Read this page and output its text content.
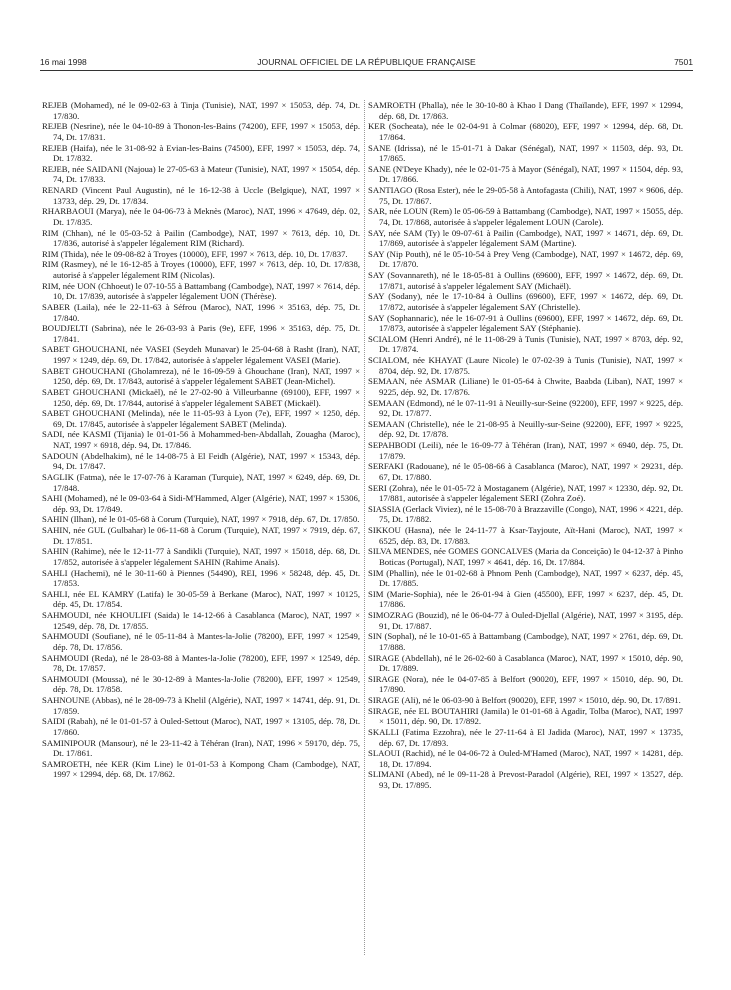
16 mai 1998	JOURNAL OFFICIEL DE LA RÉPUBLIQUE FRANÇAISE	7501

REJEB (Mohamed), né le 09-02-63 à Tinja (Tunisie), NAT, 1997 × 15053, dép. 74, Dt. 17/830.

REJEB (Nesrine), née le 04-10-89 à Thonon-les-Bains (74200), EFF, 1997 × 15053, dép. 74, Dt. 17/831.

REJEB (Haifa), née le 31-08-92 à Evian-les-Bains (74500), EFF, 1997 × 15053, dép. 74, Dt. 17/832.

REJEB, née SAIDANI (Najoua) le 27-05-63 à Mateur (Tunisie), NAT, 1997 × 15054, dép. 74, Dt. 17/833.

RENARD (Vincent Paul Augustin), né le 16-12-38 à Uccle (Belgique), NAT, 1997 × 13733, dép. 29, Dt. 17/834.

RHARBAOUI (Marya), née le 04-06-73 à Meknès (Maroc), NAT, 1996 × 47649, dép. 02, Dt. 17/835.

RIM (Chhan), né le 05-03-52 à Pailin (Cambodge), NAT, 1997 × 7613, dép. 10, Dt. 17/836, autorisé à s'appeler légalement RIM (Richard).

RIM (Thida), née le 09-08-82 à Troyes (10000), EFF, 1997 × 7613, dép. 10, Dt. 17/837.

RIM (Rasmey), né le 16-12-85 à Troyes (10000), EFF, 1997 × 7613, dép. 10, Dt. 17/838, autorisé à s'appeler légalement RIM (Nicolas).

RIM, née UON (Chhoeut) le 07-10-55 à Battambang (Cambodge), NAT, 1997 × 7614, dép. 10, Dt. 17/839, autorisée à s'appeler légalement UON (Thérèse).

SABER (Laila), née le 22-11-63 à Séfrou (Maroc), NAT, 1996 × 35163, dép. 75, Dt. 17/840.

BOUDJELTI (Sabrina), née le 26-03-93 à Paris (9e), EFF, 1996 × 35163, dép. 75, Dt. 17/841.

SABET GHOUCHANI, née VASEI (Seydeh Munavar) le 25-04-68 à Rasht (Iran), NAT, 1997 × 1249, dép. 69, Dt. 17/842, autorisée à s'appeler légalement VASEI (Marie).

SABET GHOUCHANI (Gholamreza), né le 16-09-59 à Ghouchane (Iran), NAT, 1997 × 1250, dép. 69, Dt. 17/843, autorisé à s'appeler légalement SABET (Jean-Michel).

SABET GHOUCHANI (Mickaël), né le 27-02-90 à Villeurbanne (69100), EFF, 1997 × 1250, dép. 69, Dt. 17/844, autorisé à s'appeler légalement SABET (Mickaël).

SABET GHOUCHANI (Melinda), née le 11-05-93 à Lyon (7e), EFF, 1997 × 1250, dép. 69, Dt. 17/845, autorisée à s'appeler légalement SABET (Melinda).

SADI, née KASMI (Tijania) le 01-01-56 à Mohammed-ben-Abdallah, Zouagha (Maroc), NAT, 1997 × 6918, dép. 94, Dt. 17/846.

SADOUN (Abdelhakim), né le 14-08-75 à El Feidh (Algérie), NAT, 1997 × 15343, dép. 94, Dt. 17/847.

SAGLIK (Fatma), née le 17-07-76 à Karaman (Turquie), NAT, 1997 × 6249, dép. 69, Dt. 17/848.

SAHI (Mohamed), né le 09-03-64 à Sidi-M'Hammed, Alger (Algérie), NAT, 1997 × 15306, dép. 93, Dt. 17/849.

SAHIN (Ilhan), né le 01-05-68 à Corum (Turquie), NAT, 1997 × 7918, dép. 67, Dt. 17/850.

SAHIN, née GUL (Gulbahar) le 06-11-68 à Corum (Turquie), NAT, 1997 × 7919, dép. 67, Dt. 17/851.

SAHIN (Rahime), née le 12-11-77 à Sandikli (Turquie), NAT, 1997 × 15018, dép. 68, Dt. 17/852, autorisée à s'appeler légalement SAHIN (Rahime Anaïs).

SAHLI (Hachemi), né le 30-11-60 à Piennes (54490), REI, 1996 × 58248, dép. 45, Dt. 17/853.

SAHLI, née EL KAMRY (Latifa) le 30-05-59 à Berkane (Maroc), NAT, 1997 × 10125, dép. 45, Dt. 17/854.

SAHMOUDI, née KHOULIFI (Saida) le 14-12-66 à Casablanca (Maroc), NAT, 1997 × 12549, dép. 78, Dt. 17/855.

SAHMOUDI (Soufiane), né le 05-11-84 à Mantes-la-Jolie (78200), EFF, 1997 × 12549, dép. 78, Dt. 17/856.

SAHMOUDI (Reda), né le 28-03-88 à Mantes-la-Jolie (78200), EFF, 1997 × 12549, dép. 78, Dt. 17/857.

SAHMOUDI (Moussa), né le 30-12-89 à Mantes-la-Jolie (78200), EFF, 1997 × 12549, dép. 78, Dt. 17/858.

SAHNOUNE (Abbas), né le 28-09-73 à Khelil (Algérie), NAT, 1997 × 14741, dép. 91, Dt. 17/859.

SAIDI (Rabah), né le 01-01-57 à Ouled-Settout (Maroc), NAT, 1997 × 13105, dép. 78, Dt. 17/860.

SAMINIPOUR (Mansour), né le 23-11-42 à Téhéran (Iran), NAT, 1996 × 59170, dép. 75, Dt. 17/861.

SAMROETH, née KER (Kim Line) le 01-01-53 à Kompong Cham (Cambodge), NAT, 1997 × 12994, dép. 68, Dt. 17/862.

SAMROETH (Phalla), née le 30-10-80 à Khao I Dang (Thaïlande), EFF, 1997 × 12994, dép. 68, Dt. 17/863.

KER (Socheata), née le 02-04-91 à Colmar (68020), EFF, 1997 × 12994, dép. 68, Dt. 17/864.

SANE (Idrissa), né le 15-01-71 à Dakar (Sénégal), NAT, 1997 × 11503, dép. 93, Dt. 17/865.

SANE (N'Deye Khady), née le 02-01-75 à Mayor (Sénégal), NAT, 1997 × 11504, dép. 93, Dt. 17/866.

SANTIAGO (Rosa Ester), née le 29-05-58 à Antofagasta (Chili), NAT, 1997 × 9606, dép. 75, Dt. 17/867.

SAR, née LOUN (Rem) le 05-06-59 à Battambang (Cambodge), NAT, 1997 × 15055, dép. 74, Dt. 17/868, autorisée à s'appeler légalement LOUN (Carole).

SAY, née SAM (Ty) le 09-07-61 à Pailin (Cambodge), NAT, 1997 × 14671, dép. 69, Dt. 17/869, autorisée à s'appeler légalement SAM (Martine).

SAY (Nip Pouth), né le 05-10-54 à Prey Veng (Cambodge), NAT, 1997 × 14672, dép. 69, Dt. 17/870.

SAY (Sovannareth), né le 18-05-81 à Oullins (69600), EFF, 1997 × 14672, dép. 69, Dt. 17/871, autorisé à s'appeler légalement SAY (Michaël).

SAY (Sodany), née le 17-10-84 à Oullins (69600), EFF, 1997 × 14672, dép. 69, Dt. 17/872, autorisée à s'appeler légalement SAY (Christelle).

SAY (Sophannaric), née le 16-07-91 à Oullins (69600), EFF, 1997 × 14672, dép. 69, Dt. 17/873, autorisée à s'appeler légalement SAY (Stéphanie).

SCIALOM (Henri André), né le 11-08-29 à Tunis (Tunisie), NAT, 1997 × 8703, dép. 92, Dt. 17/874.

SCIALOM, née KHAYAT (Laure Nicole) le 07-02-39 à Tunis (Tunisie), NAT, 1997 × 8704, dép. 92, Dt. 17/875.

SEMAAN, née ASMAR (Liliane) le 01-05-64 à Chwite, Baabda (Liban), NAT, 1997 × 9225, dép. 92, Dt. 17/876.

SEMAAN (Edmond), né le 07-11-91 à Neuilly-sur-Seine (92200), EFF, 1997 × 9225, dép. 92, Dt. 17/877.

SEMAAN (Christelle), née le 21-08-95 à Neuilly-sur-Seine (92200), EFF, 1997 × 9225, dép. 92, Dt. 17/878.

SEPAHBODI (Leili), née le 16-09-77 à Téhéran (Iran), NAT, 1997 × 6940, dép. 75, Dt. 17/879.

SERFAKI (Radouane), né le 05-08-66 à Casablanca (Maroc), NAT, 1997 × 29231, dép. 67, Dt. 17/880.

SERI (Zohra), née le 01-05-72 à Mostaganem (Algérie), NAT, 1997 × 12330, dép. 92, Dt. 17/881, autorisée à s'appeler légalement SERI (Zohra Zoé).

SIASSIA (Gerlack Viviez), né le 15-08-70 à Brazzaville (Congo), NAT, 1996 × 4221, dép. 75, Dt. 17/882.

SIKKOU (Hasna), née le 24-11-77 à Ksar-Tayjoute, Aït-Hani (Maroc), NAT, 1997 × 6525, dép. 83, Dt. 17/883.

SILVA MENDES, née GOMES GONCALVES (Maria da Conceição) le 04-12-37 à Pinho Boticas (Portugal), NAT, 1997 × 4641, dép. 16, Dt. 17/884.

SIM (Phallin), née le 01-02-68 à Phnom Penh (Cambodge), NAT, 1997 × 6237, dép. 45, Dt. 17/885.

SIM (Marie-Sophia), née le 26-01-94 à Gien (45500), EFF, 1997 × 6237, dép. 45, Dt. 17/886.

SIMOZRAG (Bouzid), né le 06-04-77 à Ouled-Djellal (Algérie), NAT, 1997 × 3195, dép. 91, Dt. 17/887.

SIN (Sophal), né le 10-01-65 à Battambang (Cambodge), NAT, 1997 × 2761, dép. 69, Dt. 17/888.

SIRAGE (Abdellah), né le 26-02-60 à Casablanca (Maroc), NAT, 1997 × 15010, dép. 90, Dt. 17/889.

SIRAGE (Nora), née le 04-07-85 à Belfort (90020), EFF, 1997 × 15010, dép. 90, Dt. 17/890.

SIRAGE (Ali), né le 06-03-90 à Belfort (90020), EFF, 1997 × 15010, dép. 90, Dt. 17/891.

SIRAGE, née EL BOUTAHIRI (Jamila) le 01-01-68 à Agadir, Tolba (Maroc), NAT, 1997 × 15011, dép. 90, Dt. 17/892.

SKALLI (Fatima Ezzohra), née le 27-11-64 à El Jadida (Maroc), NAT, 1997 × 13735, dép. 67, Dt. 17/893.

SLAOUI (Rachid), né le 04-06-72 à Ouled-M'Hamed (Maroc), NAT, 1997 × 14281, dép. 18, Dt. 17/894.

SLIMANI (Abed), né le 09-11-28 à Prevost-Paradol (Algérie), REI, 1997 × 13527, dép. 93, Dt. 17/895.
